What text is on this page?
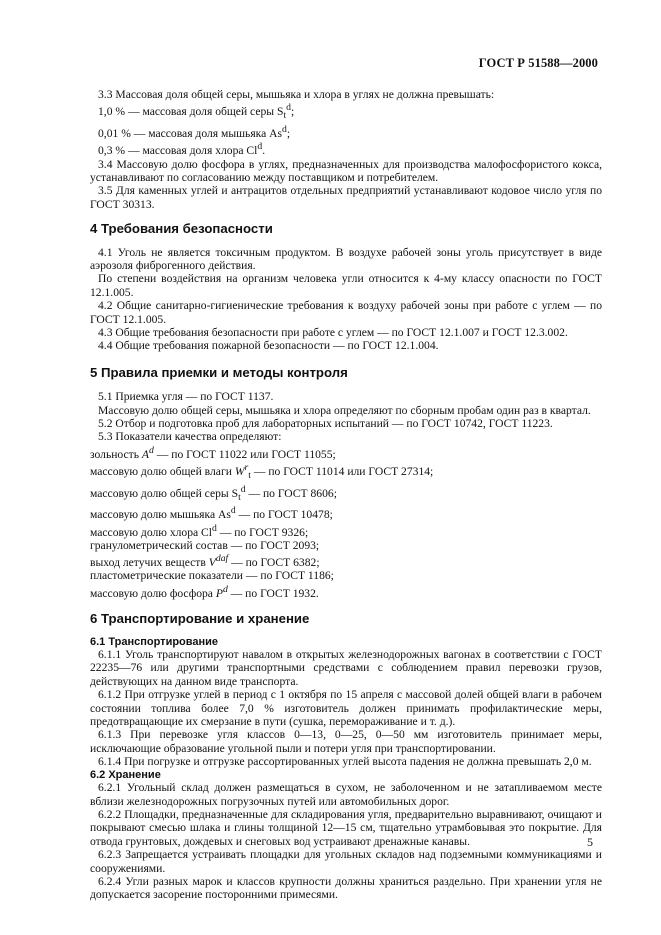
ГОСТ Р 51588—2000

3.3 Массовая доля общей серы, мышьяка и хлора в углях не должна превышать:

1,0 % — массовая доля общей серы $S_t^d$;

0,01 % — массовая доля мышьяка As$^d$;

0,3 % — массовая доля хлора Cl$^d$.

3.4 Массовую долю фосфора в углях, предназначенных для производства малофосфористого кокса, устанавливают по согласованию между поставщиком и потребителем.

3.5 Для каменных углей и антрацитов отдельных предприятий устанавливают кодовое число угля по ГОСТ 30313.

4 Требования безопасности

4.1 Уголь не является токсичным продуктом. В воздухе рабочей зоны уголь присутствует в виде аэрозоля фиброгенного действия.

По степени воздействия на организм человека угли относится к 4-му классу опасности по ГОСТ 12.1.005.

4.2 Общие санитарно-гигиенические требования к воздуху рабочей зоны при работе с углем — по ГОСТ 12.1.005.

4.3 Общие требования безопасности при работе с углем — по ГОСТ 12.1.007 и ГОСТ 12.3.002.

4.4 Общие требования пожарной безопасности — по ГОСТ 12.1.004.

5 Правила приемки и методы контроля

5.1 Приемка угля — по ГОСТ 1137.

Массовую долю общей серы, мышьяка и хлора определяют по сборным пробам один раз в квартал.

5.2 Отбор и подготовка проб для лабораторных испытаний — по ГОСТ 10742, ГОСТ 11223.

5.3 Показатели качества определяют:

зольность $A^d$ — по ГОСТ 11022 или ГОСТ 11055;

массовую долю общей влаги $W^r_t$ — по ГОСТ 11014 или ГОСТ 27314;

массовую долю общей серы $S_t^d$ — по ГОСТ 8606;

массовую долю мышьяка As$^d$ — по ГОСТ 10478;

массовую долю хлора Cl$^d$ — по ГОСТ 9326;

гранулометрический состав — по ГОСТ 2093;

выход летучих веществ $V^{daf}$ — по ГОСТ 6382;

пластометрические показатели — по ГОСТ 1186;

массовую долю фосфора $P^d$ — по ГОСТ 1932.

6 Транспортирование и хранение
6.1 Транспортирование

6.1.1 Уголь транспортируют навалом в открытых железнодорожных вагонах в соответствии с ГОСТ 22235—76 или другими транспортными средствами с соблюдением правил перевозки грузов, действующих на данном виде транспорта.

6.1.2 При отгрузке углей в период с 1 октября по 15 апреля с массовой долей общей влаги в рабочем состоянии топлива более 7,0 % изготовитель должен принимать профилактические меры, предотвращающие их смерзание в пути (сушка, перемораживание и т. д.).

6.1.3 При перевозке угля классов 0—13, 0—25, 0—50 мм изготовитель принимает меры, исключающие образование угольной пыли и потери угля при транспортировании.

6.1.4 При погрузке и отгрузке рассортированных углей высота падения не должна превышать 2,0 м.

6.2 Хранение

6.2.1 Угольный склад должен размещаться в сухом, не заболоченном и не затапливаемом месте вблизи железнодорожных погрузочных путей или автомобильных дорог.

6.2.2 Площадки, предназначенные для складирования угля, предварительно выравнивают, очищают и покрывают смесью шлака и глины толщиной 12—15 см, тщательно утрамбовывая это покрытие. Для отвода грунтовых, дождевых и снеговых вод устраивают дренажные канавы.

6.2.3 Запрещается устраивать площадки для угольных складов над подземными коммуникациями и сооружениями.

6.2.4 Угли разных марок и классов крупности должны храниться раздельно. При хранении угля не допускается засорение посторонними примесями.

5
